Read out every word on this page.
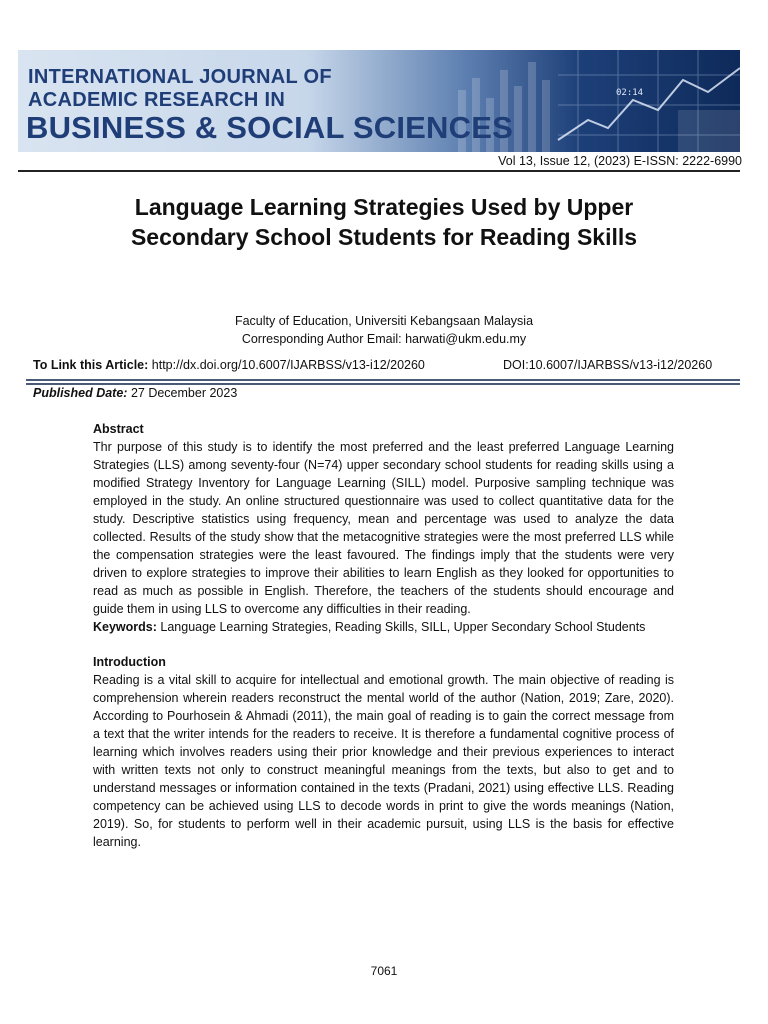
INTERNATIONAL JOURNAL OF
ACADEMIC RESEARCH IN
BUSINESS & SOCIAL SCIENCES
02:14
Vol 13, Issue 12, (2023) E-ISSN: 2222-6990
Language Learning Strategies Used by Upper
Secondary School Students for Reading Skills
Faculty of Education, Universiti Kebangsaan Malaysia
Corresponding Author Email: harwati@ukm.edu.my
To Link this Article: http://dx.doi.org/10.6007/IJARBSS/v13-i12/20260	DOI:10.6007/IJARBSS/v13-i12/20260
Published Date: 27 December 2023
Abstract

Thr purpose of this study is to identify the most preferred and the least preferred Language Learning Strategies (LLS) among seventy-four (N=74) upper secondary school students for reading skills using a modified Strategy Inventory for Language Learning (SILL) model. Purposive sampling technique was employed in the study. An online structured questionnaire was used to collect quantitative data for the study. Descriptive statistics using frequency, mean and percentage was used to analyze the data collected. Results of the study show that the metacognitive strategies were the most preferred LLS while the compensation strategies were the least favoured. The findings imply that the students were very driven to explore strategies to improve their abilities to learn English as they looked for opportunities to read as much as possible in English. Therefore, the teachers of the students should encourage and guide them in using LLS to overcome any difficulties in their reading.

Keywords: Language Learning Strategies, Reading Skills, SILL, Upper Secondary School Students

Introduction

Reading is a vital skill to acquire for intellectual and emotional growth. The main objective of reading is comprehension wherein readers reconstruct the mental world of the author (Nation, 2019; Zare, 2020). According to Pourhosein & Ahmadi (2011), the main goal of reading is to gain the correct message from a text that the writer intends for the readers to receive. It is therefore a fundamental cognitive process of learning which involves readers using their prior knowledge and their previous experiences to interact with written texts not only to construct meaningful meanings from the texts, but also to get and to understand messages or information contained in the texts (Pradani, 2021) using effective LLS. Reading competency can be achieved using LLS to decode words in print to give the words meanings (Nation, 2019). So, for students to perform well in their academic pursuit, using LLS is the basis for effective learning.

7061
